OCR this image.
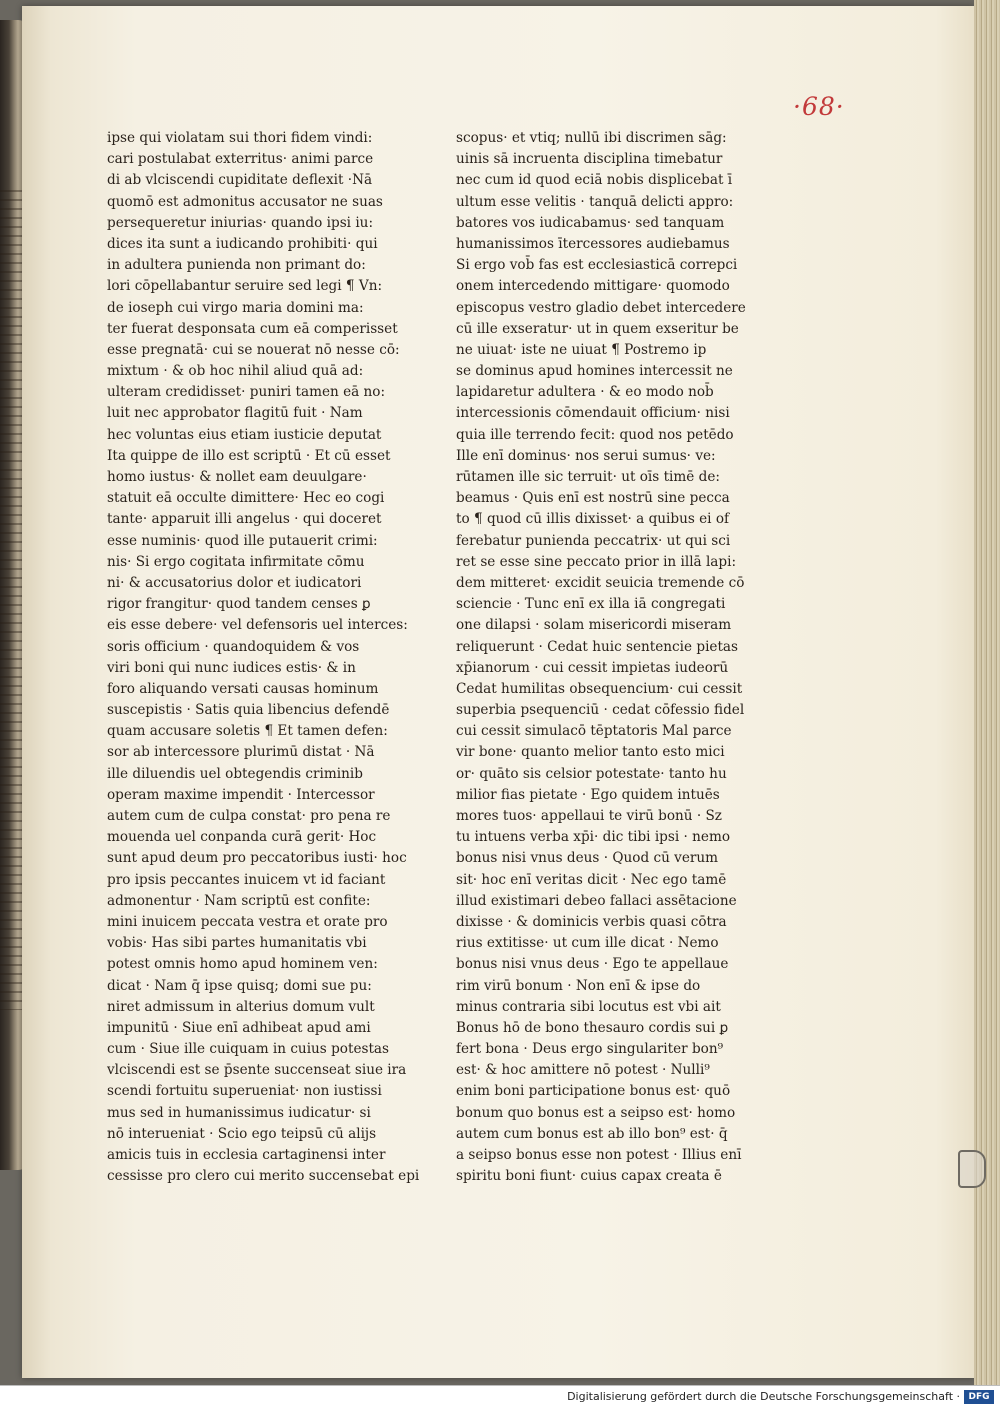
·68·
ipse qui violatam sui thori fidem vindi:
cari postulabat exterritus· animi parce
di ab vlciscendi cupiditate deflexit ·Nā
quomō est admonitus accusator ne suas
persequeretur iniurias· quando ipsi iu:
dices ita sunt a iudicando prohibiti· qui
in adultera punienda non primant do:
lori cōpellabantur seruire sed legi ¶ Vn:
de ioseph cui virgo maria domini ma:
ter fuerat desponsata cum eā comperisset
esse pregnatā· cui se nouerat nō nesse cō:
mixtum · & ob hoc nihil aliud quā ad:
ulteram credidisset· puniri tamen eā no:
luit nec approbator flagitū fuit · Nam
hec voluntas eius etiam iusticie deputat
Ita quippe de illo est scriptū · Et cū esset
homo iustus· & nollet eam deuulgare·
statuit eā occulte dimittere· Hec eo cogi
tante· apparuit illi angelus · qui doceret
esse numinis· quod ille putauerit crimi:
nis· Si ergo cogitata infirmitate cōmu
ni· & accusatorius dolor et iudicatori
rigor frangitur· quod tandem censes ꝑ
eis esse debere· vel defensoris uel interces:
soris officium · quandoquidem & vos
viri boni qui nunc iudices estis· & in
foro aliquando versati causas hominum
suscepistis · Satis quia libencius defendē
quam accusare soletis ¶ Et tamen defen:
sor ab intercessore plurimū distat · Nā
ille diluendis uel obtegendis criminib
operam maxime impendit · Intercessor
autem cum de culpa constat· pro pena re
mouenda uel conpanda curā gerit· Hoc
sunt apud deum pro peccatoribus iusti· hoc
pro ipsis peccantes inuicem vt id faciant
admonentur · Nam scriptū est confite:
mini inuicem peccata vestra et orate pro
vobis· Has sibi partes humanitatis vbi
potest omnis homo apud hominem ven:
dicat · Nam q̄ ipse quisq; domi sue pu:
niret admissum in alterius domum vult
impunitū · Siue enī adhibeat apud ami
cum · Siue ille cuiquam in cuius potestas
vlciscendi est se p̄sente succenseat siue ira
scendi fortuitu superueniat· non iustissi
mus sed in humanissimus iudicatur· si
nō interueniat · Scio ego teipsū cū alijs
amicis tuis in ecclesia cartaginensi inter
cessisse pro clero cui merito succensebat epi
scopus· et vtiq; nullū ibi discrimen sāg:
uinis sā incruenta disciplina timebatur
nec cum id quod eciā nobis displicebat ī
ultum esse velitis · tanquā delicti appro:
batores vos iudicabamus· sed tanquam
humanissimos ītercessores audiebamus
Si ergo vob̄ fas est ecclesiasticā correpci
onem intercedendo mittigare· quomodo
episcopus vestro gladio debet intercedere
cū ille exseratur· ut in quem exseritur be
ne uiuat· iste ne uiuat ¶ Postremo ip
se dominus apud homines intercessit ne
lapidaretur adultera · & eo modo nob̄
intercessionis cōmendauit officium· nisi
quia ille terrendo fecit: quod nos petēdo
Ille enī dominus· nos serui sumus· ve:
rūtamen ille sic terruit· ut oīs timē de:
beamus · Quis enī est nostrū sine pecca
to ¶ quod cū illis dixisset· a quibus ei of
ferebatur punienda peccatrix· ut qui sci
ret se esse sine peccato prior in illā lapi:
dem mitteret· excidit seuicia tremende cō
sciencie · Tunc enī ex illa iā congregati
one dilapsi · solam misericordi miseram
reliquerunt · Cedat huic sentencie pietas
xp̄ianorum · cui cessit impietas iudeorū
Cedat humilitas obsequencium· cui cessit
superbia psequenciū · cedat cōfessio fidel
cui cessit simulacō tēptatoris Mal parce
vir bone· quanto melior tanto esto mici
or· quāto sis celsior potestate· tanto hu
milior fias pietate · Ego quidem intuēs
mores tuos· appellaui te virū bonū · Sz
tu intuens verba xp̄i· dic tibi ipsi · nemo
bonus nisi vnus deus · Quod cū verum
sit· hoc enī veritas dicit · Nec ego tamē
illud existimari debeo fallaci assētacione
dixisse · & dominicis verbis quasi cōtra
rius extitisse· ut cum ille dicat · Nemo
bonus nisi vnus deus · Ego te appellaue
rim virū bonum · Non enī & ipse do
minus contraria sibi locutus est vbi ait
Bonus hō de bono thesauro cordis sui ꝑ
fert bona · Deus ergo singulariter bon⁹
est· & hoc amittere nō potest · Nulli⁹
enim boni participatione bonus est· quō
bonum quo bonus est a seipso est· homo
autem cum bonus est ab illo bon⁹ est· q̄
a seipso bonus esse non potest · Illius enī
spiritu boni fiunt· cuius capax creata ē
Digitalisierung gefördert durch die Deutsche Forschungsgemeinschaft · DFG
